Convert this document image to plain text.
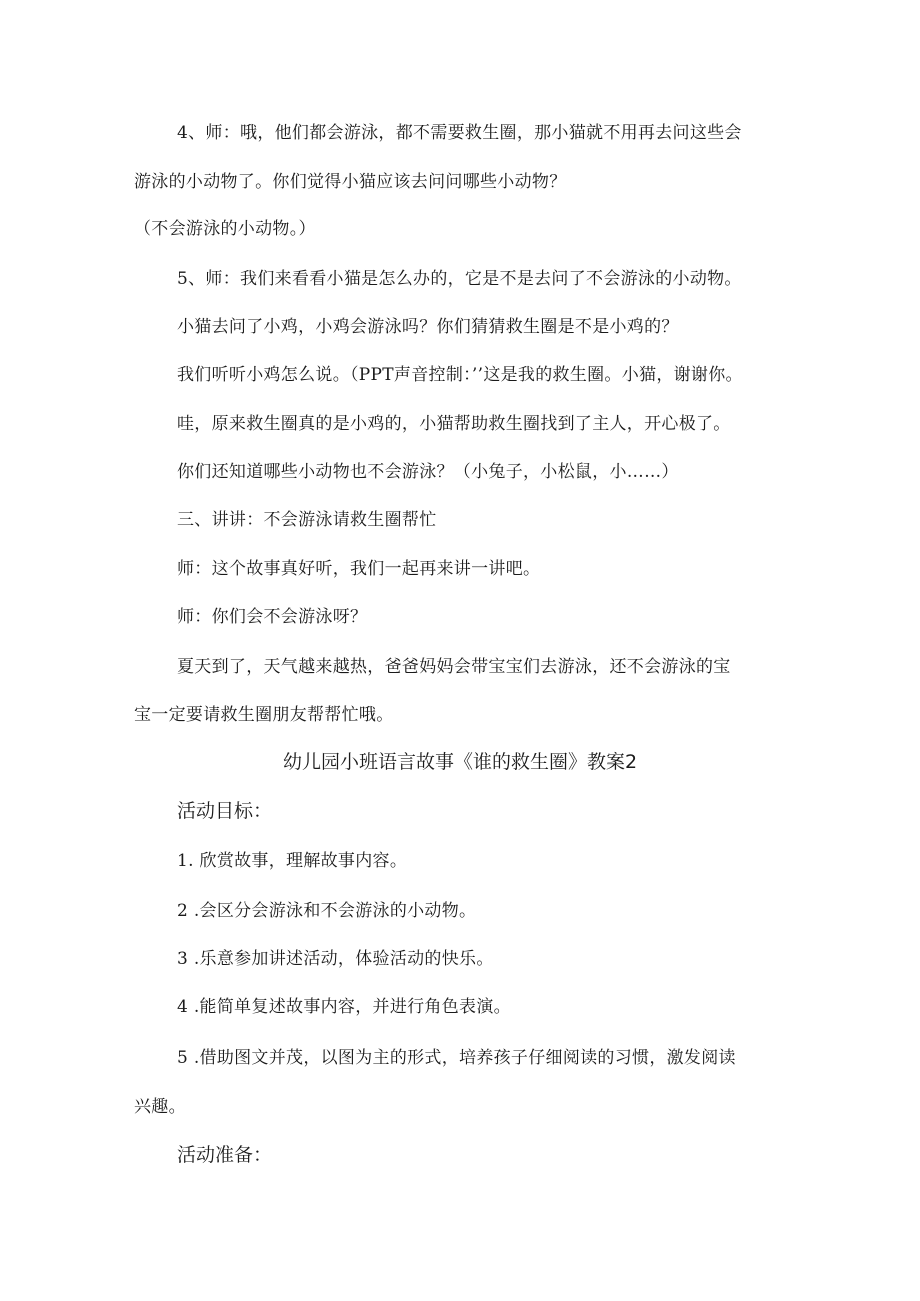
4、师：哦，他们都会游泳，都不需要救生圈，那小猫就不用再去问这些会
游泳的小动物了。你们觉得小猫应该去问问哪些小动物？
（不会游泳的小动物。）
5、师：我们来看看小猫是怎么办的，它是不是去问了不会游泳的小动物。
小猫去问了小鸡，小鸡会游泳吗？你们猜猜救生圈是不是小鸡的？
我们听听小鸡怎么说。（PPT声音控制：’’这是我的救生圈。小猫，谢谢你。
哇，原来救生圈真的是小鸡的，小猫帮助救生圈找到了主人，开心极了。
你们还知道哪些小动物也不会游泳？（小兔子，小松鼠，小……）
三、讲讲：不会游泳请救生圈帮忙
师：这个故事真好听，我们一起再来讲一讲吧。
师：你们会不会游泳呀？
夏天到了，天气越来越热，爸爸妈妈会带宝宝们去游泳，还不会游泳的宝
宝一定要请救生圈朋友帮帮忙哦。
幼儿园小班语言故事《谁的救生圈》教案2
活动目标：
1. 欣赏故事，理解故事内容。
2 .会区分会游泳和不会游泳的小动物。
3 .乐意参加讲述活动，体验活动的快乐。
4 .能简单复述故事内容，并进行角色表演。
5 .借助图文并茂，以图为主的形式，培养孩子仔细阅读的习惯，激发阅读
兴趣。
活动准备：
